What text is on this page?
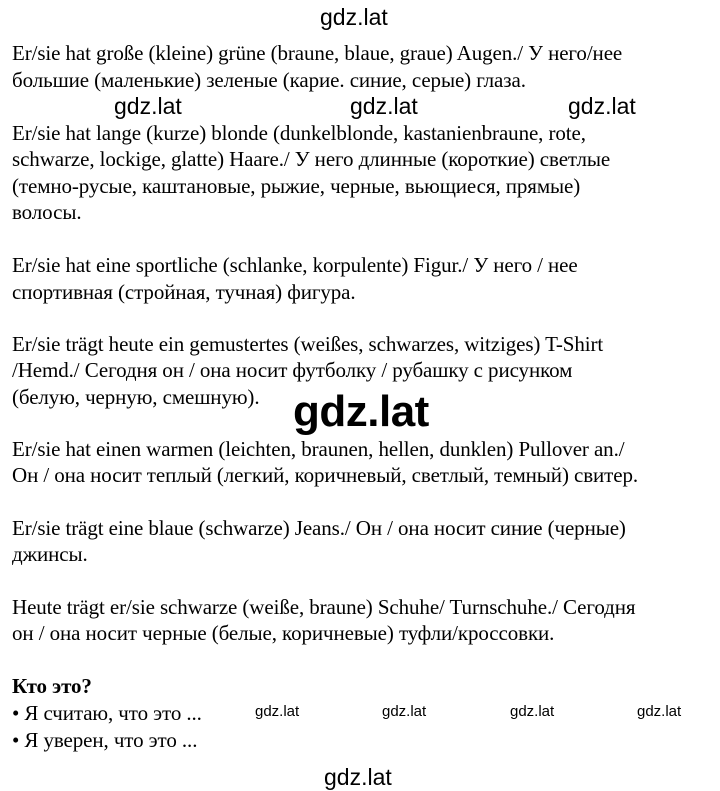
gdz.lat
gdz.lat	gdz.lat	gdz.lat
gdz.lat
gdz.lat	gdz.lat	gdz.lat	gdz.lat
gdz.lat
Er/sie hat große (kleine) grüne (braune, blaue, graue) Augen./ У него/нее
большие (маленькие) зеленые (карие. синие, серые) глаза.
Er/sie hat lange (kurze) blonde (dunkelblonde, kastanienbraune, rote,
schwarze, lockige, glatte) Haare./ У него длинные (короткие) светлые
(темно-русые, каштановые, рыжие, черные, вьющиеся, прямые)
волосы.
Er/sie hat eine sportliche (schlanke, korpulente) Figur./ У него / нее
спортивная (стройная, тучная) фигура.
Er/sie trägt heute ein gemustertes (weißes, schwarzes, witziges) T-Shirt
/Hemd./ Сегодня он / она носит футболку / рубашку с рисунком
(белую, черную, смешную).
Er/sie hat einen warmen (leichten, braunen, hellen, dunklen) Pullover an./
Он / она носит теплый (легкий, коричневый, светлый, темный) свитер.
Er/sie trägt eine blaue (schwarze) Jeans./ Он / она носит синие (черные)
джинсы.
Heute trägt er/sie schwarze (weiße, braune) Schuhe/ Turnschuhe./ Сегодня
он / она носит черные (белые, коричневые) туфли/кроссовки.
Кто это?
• Я считаю, что это ...
• Я уверен, что это ...
